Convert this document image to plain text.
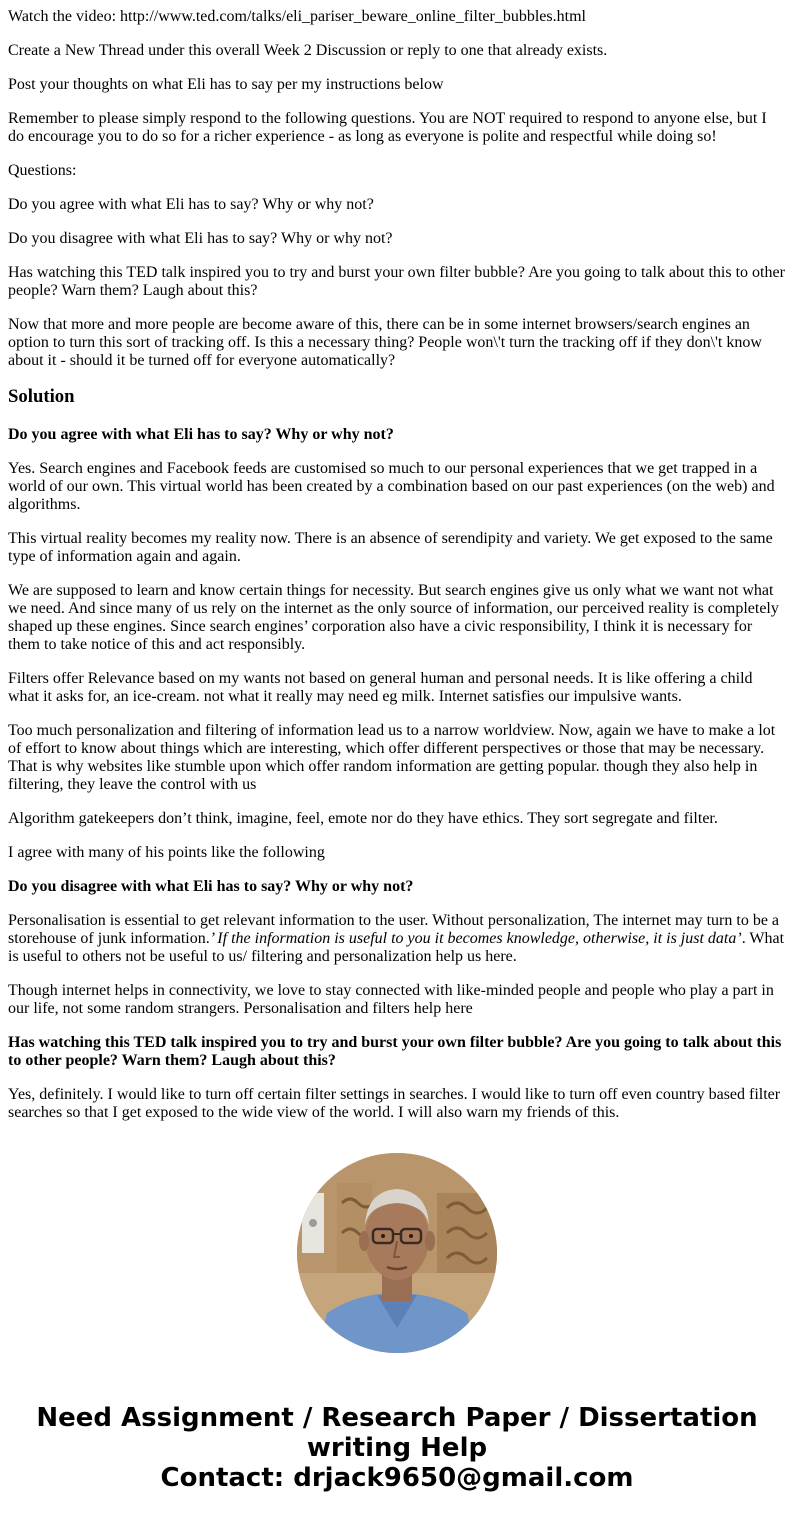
Watch the video: http://www.ted.com/talks/eli_pariser_beware_online_filter_bubbles.html

Create a New Thread under this overall Week 2 Discussion or reply to one that already exists.

Post your thoughts on what Eli has to say per my instructions below

Remember to please simply respond to the following questions. You are NOT required to respond to anyone else, but I do encourage you to do so for a richer experience - as long as everyone is polite and respectful while doing so!

Questions:

Do you agree with what Eli has to say? Why or why not?

Do you disagree with what Eli has to say? Why or why not?

Has watching this TED talk inspired you to try and burst your own filter bubble? Are you going to talk about this to other people? Warn them? Laugh about this?

Now that more and more people are become aware of this, there can be in some internet browsers/search engines an option to turn this sort of tracking off. Is this a necessary thing? People won\'t turn the tracking off if they don\'t know about it - should it be turned off for everyone automatically?

Solution

Do you agree with what Eli has to say? Why or why not?

Yes. Search engines and Facebook feeds are customised so much to our personal experiences that we get trapped in a world of our own. This virtual world has been created by a combination based on our past experiences (on the web) and algorithms.

This virtual reality becomes my reality now. There is an absence of serendipity and variety. We get exposed to the same type of information again and again.

We are supposed to learn and know certain things for necessity. But search engines give us only what we want not what we need. And since many of us rely on the internet as the only source of information, our perceived reality is completely shaped up these engines. Since search engines’ corporation also have a civic responsibility, I think it is necessary for them to take notice of this and act responsibly.

Filters offer Relevance based on my wants not based on general human and personal needs. It is like offering a child what it asks for, an ice-cream. not what it really may need eg milk. Internet satisfies our impulsive wants.

Too much personalization and filtering of information lead us to a narrow worldview. Now, again we have to make a lot of effort to know about things which are interesting, which offer different perspectives or those that may be necessary. That is why websites like stumble upon which offer random information are getting popular. though they also help in filtering, they leave the control with us

Algorithm gatekeepers don’t think, imagine, feel, emote nor do they have ethics. They sort segregate and filter.

I agree with many of his points like the following

Do you disagree with what Eli has to say? Why or why not?

Personalisation is essential to get relevant information to the user. Without personalization, The internet may turn to be a storehouse of junk information.’ If the information is useful to you it becomes knowledge, otherwise, it is just data’. What is useful to others not be useful to us/ filtering and personalization help us here.

Though internet helps in connectivity, we love to stay connected with like-minded people and people who play a part in our life, not some random strangers. Personalisation and filters help here

Has watching this TED talk inspired you to try and burst your own filter bubble? Are you going to talk about this to other people? Warn them? Laugh about this?

Yes, definitely. I would like to turn off certain filter settings in searches. I would like to turn off even country based filter searches so that I get exposed to the wide view of the world. I will also warn my friends of this.

Need Assignment / Research Paper / Dissertation
writing Help
Contact: drjack9650@gmail.com
